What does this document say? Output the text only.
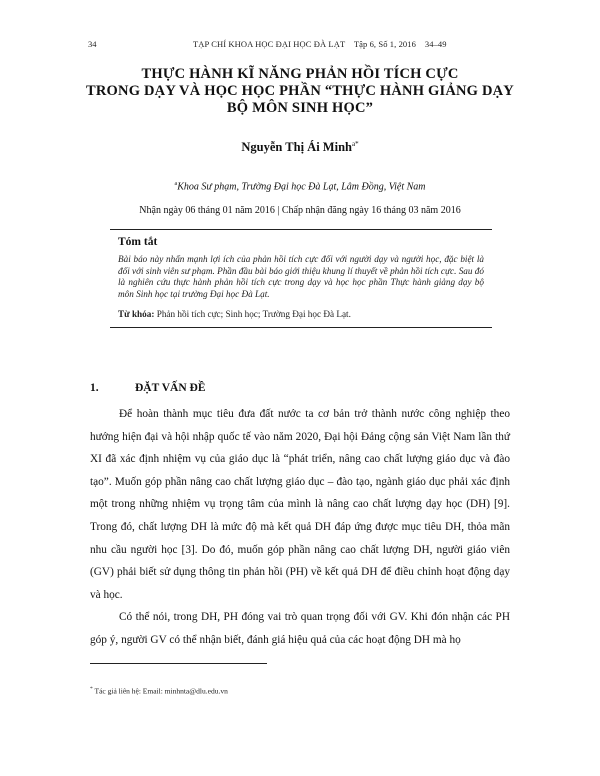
34	TẠP CHÍ KHOA HỌC ĐẠI HỌC ĐÀ LẠT    Tập 6, Số 1, 2016    34–49
THỰC HÀNH KĨ NĂNG PHẢN HỒI TÍCH CỰC
TRONG DẠY VÀ HỌC HỌC PHẦN “THỰC HÀNH GIẢNG DẠY
BỘ MÔN SINH HỌC”
Nguyễn Thị Ái Minh$^{a*}$
$^a$Khoa Sư phạm, Trường Đại học Đà Lạt, Lâm Đồng, Việt Nam
Nhận ngày 06 tháng 01 năm 2016 | Chấp nhận đăng ngày 16 tháng 03 năm 2016
Tóm tắt

Bài báo này nhấn mạnh lợi ích của phản hồi tích cực đối với người dạy và người học, đặc biệt là đối với sinh viên sư phạm. Phần đầu bài báo giới thiệu khung lí thuyết về phản hồi tích cực. Sau đó là nghiên cứu thực hành phản hồi tích cực trong dạy và học học phần Thực hành giảng dạy bộ môn Sinh học tại trường Đại học Đà Lạt.

Từ khóa: Phản hồi tích cực; Sinh học; Trường Đại học Đà Lạt.
1.	ĐẶT VẤN ĐỀ

Để hoàn thành mục tiêu đưa đất nước ta cơ bản trở thành nước công nghiệp theo hướng hiện đại và hội nhập quốc tế vào năm 2020, Đại hội Đảng cộng sản Việt Nam lần thứ XI đã xác định nhiệm vụ của giáo dục là “phát triển, nâng cao chất lượng giáo dục và đào tạo”. Muốn góp phần nâng cao chất lượng giáo dục – đào tạo, ngành giáo dục phải xác định một trong những nhiệm vụ trọng tâm của mình là nâng cao chất lượng dạy học (DH) [9]. Trong đó, chất lượng DH là mức độ mà kết quả DH đáp ứng được mục tiêu DH, thỏa mãn nhu cầu người học [3]. Do đó, muốn góp phần nâng cao chất lượng DH, người giáo viên (GV) phải biết sử dụng thông tin phản hồi (PH) về kết quả DH để điều chỉnh hoạt động dạy và học.

Có thể nói, trong DH, PH đóng vai trò quan trọng đối với GV. Khi đón nhận các PH góp ý, người GV có thể nhận biết, đánh giá hiệu quả của các hoạt động DH mà họ

* Tác giả liên hệ: Email: minhnta@dlu.edu.vn
